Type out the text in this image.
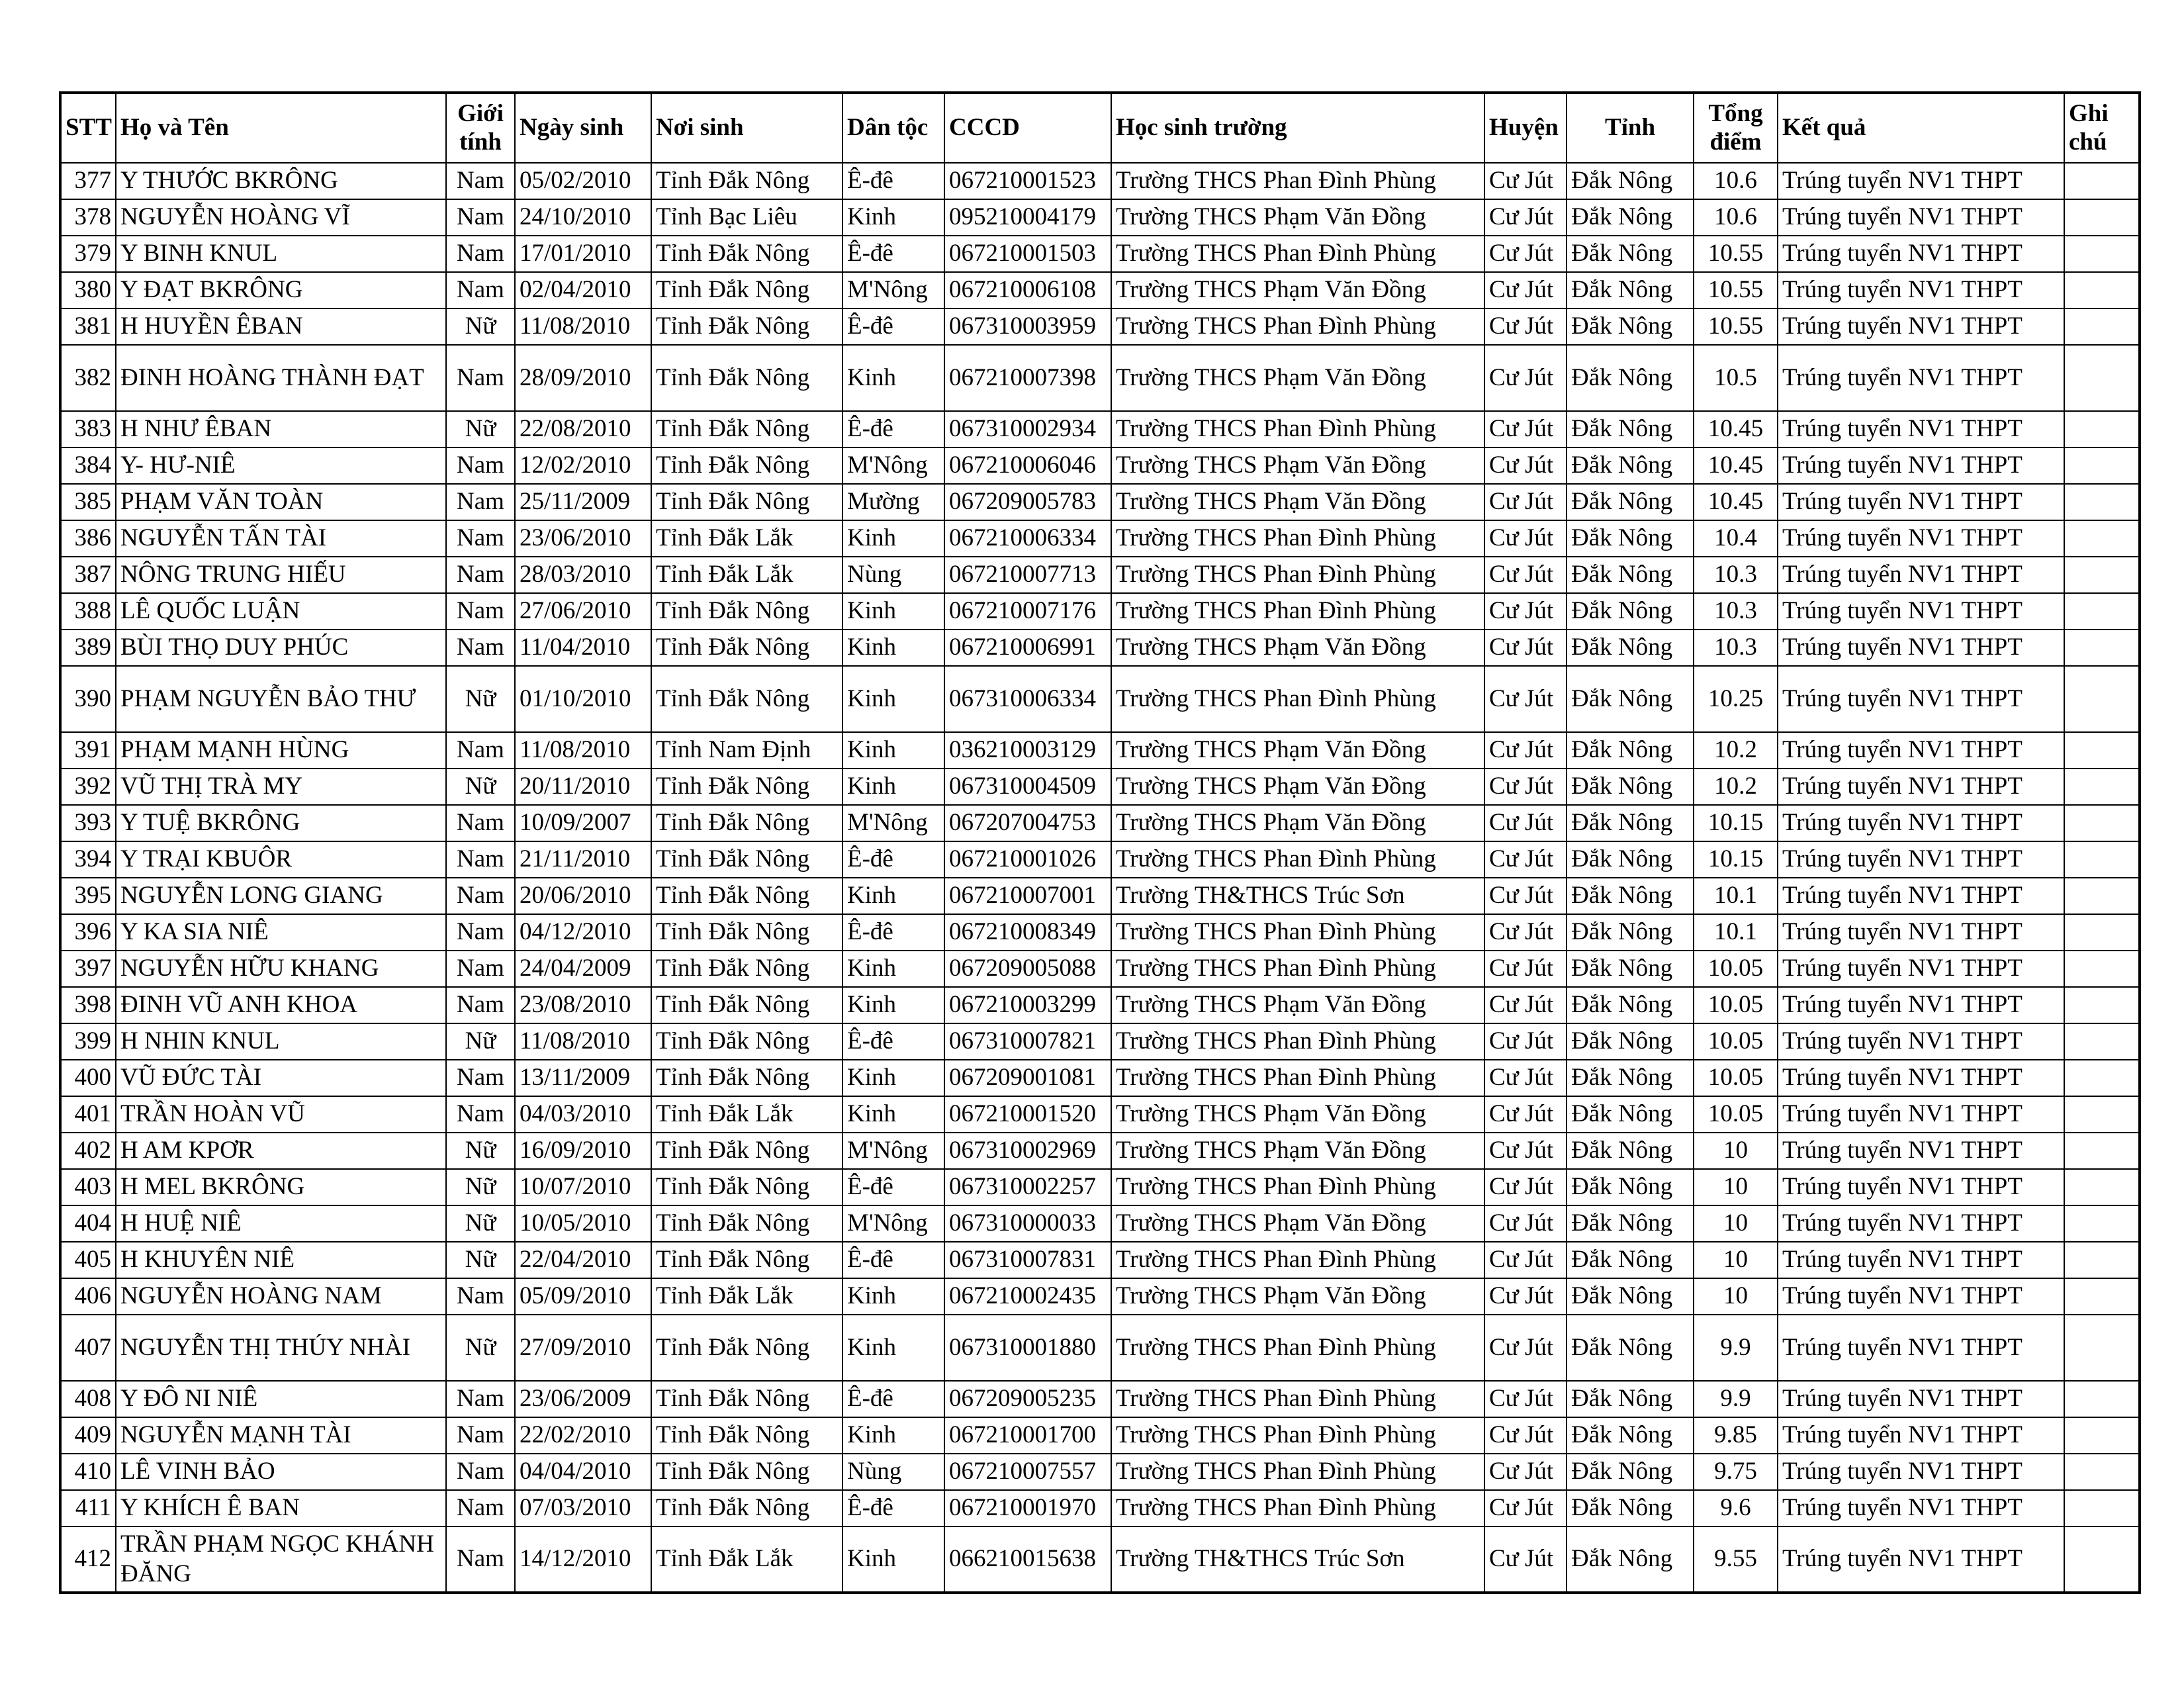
STT	Họ và Tên	Giới tính	Ngày sinh	Nơi sinh	Dân tộc	CCCD	Học sinh trường	Huyện	Tỉnh	Tổng điểm	Kết quả	Ghi chú
377	Y THƯỚC BKRÔNG	Nam	05/02/2010	Tỉnh Đắk Nông	Ê-đê	067210001523	Trường THCS Phan Đình Phùng	Cư Jút	Đắk Nông	10.6	Trúng tuyển NV1 THPT	
378	NGUYỄN HOÀNG VĨ	Nam	24/10/2010	Tỉnh Bạc Liêu	Kinh	095210004179	Trường THCS Phạm Văn Đồng	Cư Jút	Đắk Nông	10.6	Trúng tuyển NV1 THPT	
379	Y BINH KNUL	Nam	17/01/2010	Tỉnh Đắk Nông	Ê-đê	067210001503	Trường THCS Phan Đình Phùng	Cư Jút	Đắk Nông	10.55	Trúng tuyển NV1 THPT	
380	Y ĐẠT BKRÔNG	Nam	02/04/2010	Tỉnh Đắk Nông	M'Nông	067210006108	Trường THCS Phạm Văn Đồng	Cư Jút	Đắk Nông	10.55	Trúng tuyển NV1 THPT	
381	H HUYỀN ÊBAN	Nữ	11/08/2010	Tỉnh Đắk Nông	Ê-đê	067310003959	Trường THCS Phan Đình Phùng	Cư Jút	Đắk Nông	10.55	Trúng tuyển NV1 THPT	
382	ĐINH HOÀNG THÀNH ĐẠT	Nam	28/09/2010	Tỉnh Đắk Nông	Kinh	067210007398	Trường THCS Phạm Văn Đồng	Cư Jút	Đắk Nông	10.5	Trúng tuyển NV1 THPT	
383	H NHƯ ÊBAN	Nữ	22/08/2010	Tỉnh Đắk Nông	Ê-đê	067310002934	Trường THCS Phan Đình Phùng	Cư Jút	Đắk Nông	10.45	Trúng tuyển NV1 THPT	
384	Y- HƯ-NIÊ	Nam	12/02/2010	Tỉnh Đắk Nông	M'Nông	067210006046	Trường THCS Phạm Văn Đồng	Cư Jút	Đắk Nông	10.45	Trúng tuyển NV1 THPT	
385	PHẠM VĂN TOÀN	Nam	25/11/2009	Tỉnh Đắk Nông	Mường	067209005783	Trường THCS Phạm Văn Đồng	Cư Jút	Đắk Nông	10.45	Trúng tuyển NV1 THPT	
386	NGUYỄN TẤN TÀI	Nam	23/06/2010	Tỉnh Đắk Lắk	Kinh	067210006334	Trường THCS Phan Đình Phùng	Cư Jút	Đắk Nông	10.4	Trúng tuyển NV1 THPT	
387	NÔNG TRUNG HIẾU	Nam	28/03/2010	Tỉnh Đắk Lắk	Nùng	067210007713	Trường THCS Phan Đình Phùng	Cư Jút	Đắk Nông	10.3	Trúng tuyển NV1 THPT	
388	LÊ QUỐC LUẬN	Nam	27/06/2010	Tỉnh Đắk Nông	Kinh	067210007176	Trường THCS Phan Đình Phùng	Cư Jút	Đắk Nông	10.3	Trúng tuyển NV1 THPT	
389	BÙI THỌ DUY PHÚC	Nam	11/04/2010	Tỉnh Đắk Nông	Kinh	067210006991	Trường THCS Phạm Văn Đồng	Cư Jút	Đắk Nông	10.3	Trúng tuyển NV1 THPT	
390	PHẠM NGUYỄN BẢO THƯ	Nữ	01/10/2010	Tỉnh Đắk Nông	Kinh	067310006334	Trường THCS Phan Đình Phùng	Cư Jút	Đắk Nông	10.25	Trúng tuyển NV1 THPT	
391	PHẠM MẠNH HÙNG	Nam	11/08/2010	Tỉnh Nam Định	Kinh	036210003129	Trường THCS Phạm Văn Đồng	Cư Jút	Đắk Nông	10.2	Trúng tuyển NV1 THPT	
392	VŨ THỊ TRÀ MY	Nữ	20/11/2010	Tỉnh Đắk Nông	Kinh	067310004509	Trường THCS Phạm Văn Đồng	Cư Jút	Đắk Nông	10.2	Trúng tuyển NV1 THPT	
393	Y TUỆ BKRÔNG	Nam	10/09/2007	Tỉnh Đắk Nông	M'Nông	067207004753	Trường THCS Phạm Văn Đồng	Cư Jút	Đắk Nông	10.15	Trúng tuyển NV1 THPT	
394	Y TRẠI KBUÔR	Nam	21/11/2010	Tỉnh Đắk Nông	Ê-đê	067210001026	Trường THCS Phan Đình Phùng	Cư Jút	Đắk Nông	10.15	Trúng tuyển NV1 THPT	
395	NGUYỄN LONG GIANG	Nam	20/06/2010	Tỉnh Đắk Nông	Kinh	067210007001	Trường TH&THCS Trúc Sơn	Cư Jút	Đắk Nông	10.1	Trúng tuyển NV1 THPT	
396	Y KA SIA NIÊ	Nam	04/12/2010	Tỉnh Đắk Nông	Ê-đê	067210008349	Trường THCS Phan Đình Phùng	Cư Jút	Đắk Nông	10.1	Trúng tuyển NV1 THPT	
397	NGUYỄN HỮU KHANG	Nam	24/04/2009	Tỉnh Đắk Nông	Kinh	067209005088	Trường THCS Phan Đình Phùng	Cư Jút	Đắk Nông	10.05	Trúng tuyển NV1 THPT	
398	ĐINH VŨ ANH KHOA	Nam	23/08/2010	Tỉnh Đắk Nông	Kinh	067210003299	Trường THCS Phạm Văn Đồng	Cư Jút	Đắk Nông	10.05	Trúng tuyển NV1 THPT	
399	H NHIN KNUL	Nữ	11/08/2010	Tỉnh Đắk Nông	Ê-đê	067310007821	Trường THCS Phan Đình Phùng	Cư Jút	Đắk Nông	10.05	Trúng tuyển NV1 THPT	
400	VŨ ĐỨC TÀI	Nam	13/11/2009	Tỉnh Đắk Nông	Kinh	067209001081	Trường THCS Phan Đình Phùng	Cư Jút	Đắk Nông	10.05	Trúng tuyển NV1 THPT	
401	TRẦN HOÀN VŨ	Nam	04/03/2010	Tỉnh Đắk Lắk	Kinh	067210001520	Trường THCS Phạm Văn Đồng	Cư Jút	Đắk Nông	10.05	Trúng tuyển NV1 THPT	
402	H AM KPƠR	Nữ	16/09/2010	Tỉnh Đắk Nông	M'Nông	067310002969	Trường THCS Phạm Văn Đồng	Cư Jút	Đắk Nông	10	Trúng tuyển NV1 THPT	
403	H MEL BKRÔNG	Nữ	10/07/2010	Tỉnh Đắk Nông	Ê-đê	067310002257	Trường THCS Phan Đình Phùng	Cư Jút	Đắk Nông	10	Trúng tuyển NV1 THPT	
404	H HUỆ NIÊ	Nữ	10/05/2010	Tỉnh Đắk Nông	M'Nông	067310000033	Trường THCS Phạm Văn Đồng	Cư Jút	Đắk Nông	10	Trúng tuyển NV1 THPT	
405	H KHUYÊN NIÊ	Nữ	22/04/2010	Tỉnh Đắk Nông	Ê-đê	067310007831	Trường THCS Phan Đình Phùng	Cư Jút	Đắk Nông	10	Trúng tuyển NV1 THPT	
406	NGUYỄN HOÀNG NAM	Nam	05/09/2010	Tỉnh Đắk Lắk	Kinh	067210002435	Trường THCS Phạm Văn Đồng	Cư Jút	Đắk Nông	10	Trúng tuyển NV1 THPT	
407	NGUYỄN THỊ THÚY NHÀI	Nữ	27/09/2010	Tỉnh Đắk Nông	Kinh	067310001880	Trường THCS Phan Đình Phùng	Cư Jút	Đắk Nông	9.9	Trúng tuyển NV1 THPT	
408	Y ĐÔ NI NIÊ	Nam	23/06/2009	Tỉnh Đắk Nông	Ê-đê	067209005235	Trường THCS Phan Đình Phùng	Cư Jút	Đắk Nông	9.9	Trúng tuyển NV1 THPT	
409	NGUYỄN MẠNH TÀI	Nam	22/02/2010	Tỉnh Đắk Nông	Kinh	067210001700	Trường THCS Phan Đình Phùng	Cư Jút	Đắk Nông	9.85	Trúng tuyển NV1 THPT	
410	LÊ VINH BẢO	Nam	04/04/2010	Tỉnh Đắk Nông	Nùng	067210007557	Trường THCS Phan Đình Phùng	Cư Jút	Đắk Nông	9.75	Trúng tuyển NV1 THPT	
411	Y KHÍCH Ê BAN	Nam	07/03/2010	Tỉnh Đắk Nông	Ê-đê	067210001970	Trường THCS Phan Đình Phùng	Cư Jút	Đắk Nông	9.6	Trúng tuyển NV1 THPT	
412	TRẦN PHẠM NGỌC KHÁNH ĐĂNG	Nam	14/12/2010	Tỉnh Đắk Lắk	Kinh	066210015638	Trường TH&THCS Trúc Sơn	Cư Jút	Đắk Nông	9.55	Trúng tuyển NV1 THPT	
